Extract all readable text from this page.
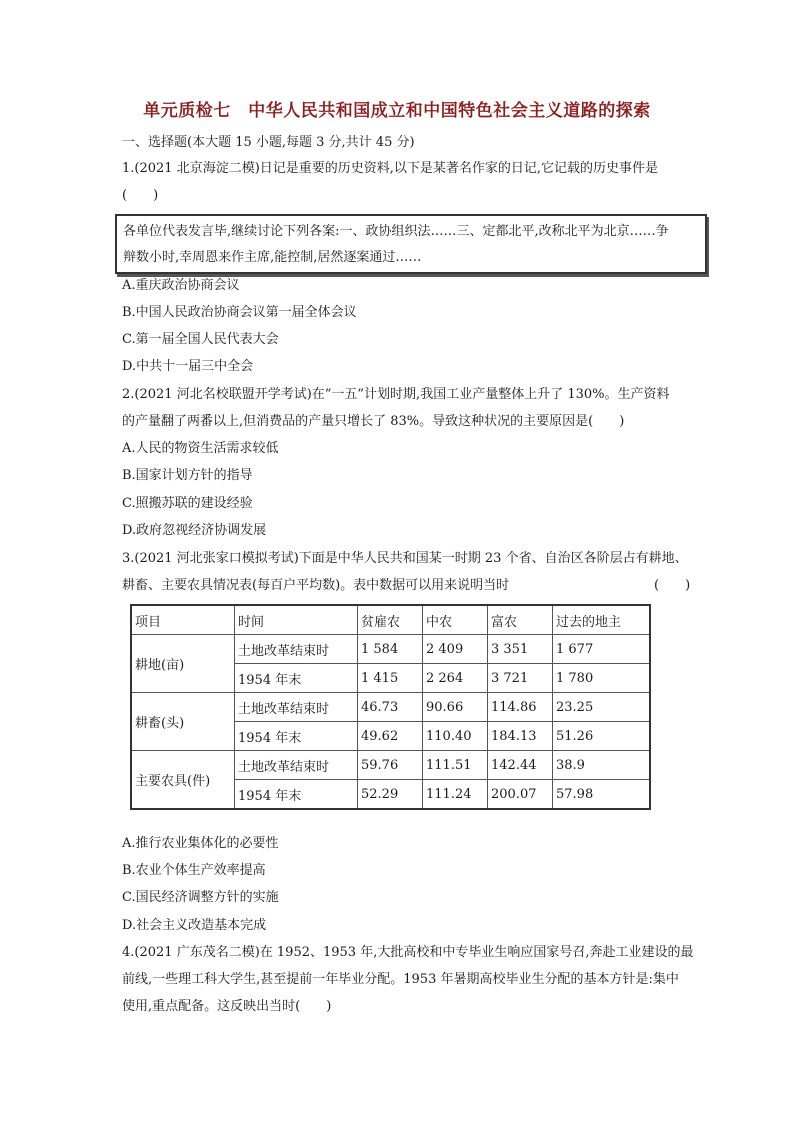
单元质检七　中华人民共和国成立和中国特色社会主义道路的探索
一、选择题(本大题 15 小题,每题 3 分,共计 45 分)
1.(2021 北京海淀二模)日记是重要的历史资料,以下是某著名作家的日记,它记载的历史事件是
(　　)
各单位代表发言毕,继续讨论下列各案:一、政协组织法……三、定都北平,改称北平为北京……争
辩数小时,幸周恩来作主席,能控制,居然逐案通过……
A.重庆政治协商会议
B.中国人民政治协商会议第一届全体会议
C.第一届全国人民代表大会
D.中共十一届三中全会
2.(2021 河北名校联盟开学考试)在“一五”计划时期,我国工业产量整体上升了 130%。生产资料
的产量翻了两番以上,但消费品的产量只增长了 83%。导致这种状况的主要原因是(　　)
A.人民的物资生活需求较低
B.国家计划方针的指导
C.照搬苏联的建设经验
D.政府忽视经济协调发展
3.(2021 河北张家口模拟考试)下面是中华人民共和国某一时期 23 个省、自治区各阶层占有耕地、
耕畜、主要农具情况表(每百户平均数)。表中数据可以用来说明当时	(　　)
项目	时间	贫雇农	中农	富农	过去的地主
耕地(亩)	土地改革结束时	1 584	2 409	3 351	1 677
	1954 年末	1 415	2 264	3 721	1 780
耕畜(头)	土地改革结束时	46.73	90.66	114.86	23.25
	1954 年末	49.62	110.40	184.13	51.26
主要农具(件)	土地改革结束时	59.76	111.51	142.44	38.9
	1954 年末	52.29	111.24	200.07	57.98
A.推行农业集体化的必要性
B.农业个体生产效率提高
C.国民经济调整方针的实施
D.社会主义改造基本完成
4.(2021 广东茂名二模)在 1952、1953 年,大批高校和中专毕业生响应国家号召,奔赴工业建设的最
前线,一些理工科大学生,甚至提前一年毕业分配。1953 年暑期高校毕业生分配的基本方针是:集中
使用,重点配备。这反映出当时(　　)
